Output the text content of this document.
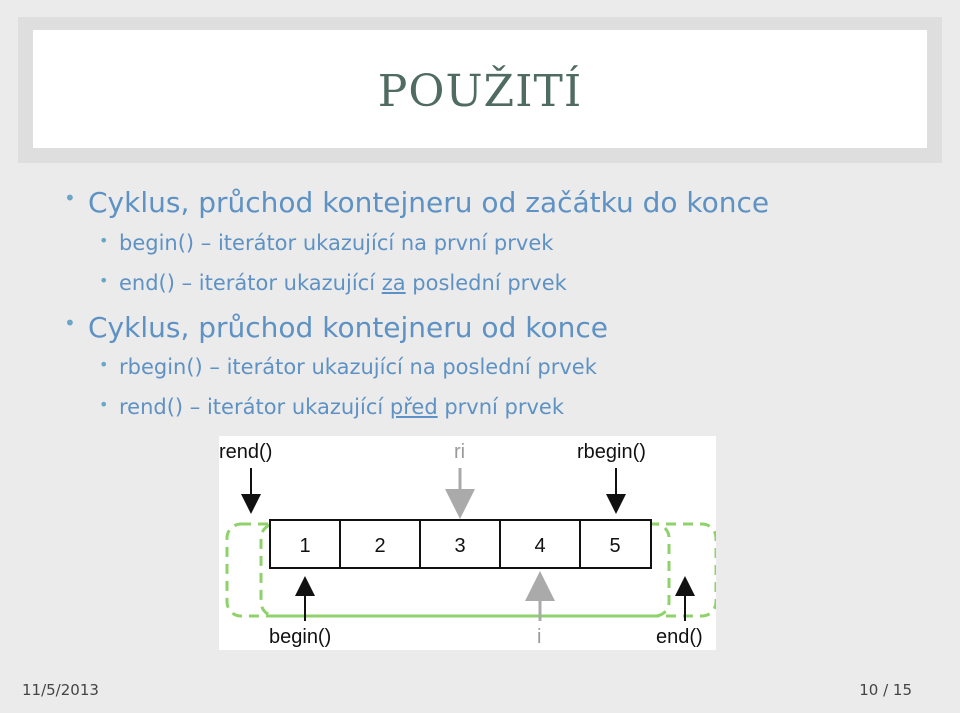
POUŽITÍ
• Cyklus, průchod kontejneru od začátku do konce
• begin() – iterátor ukazující na první prvek
• end() – iterátor ukazující za poslední prvek
• Cyklus, průchod kontejneru od konce
• rbegin() – iterátor ukazující na poslední prvek
• rend() – iterátor ukazující před první prvek
rend()	ri	rbegin()
1	2	3	4	5
begin()	i	end()
11/5/2013	10 / 15
